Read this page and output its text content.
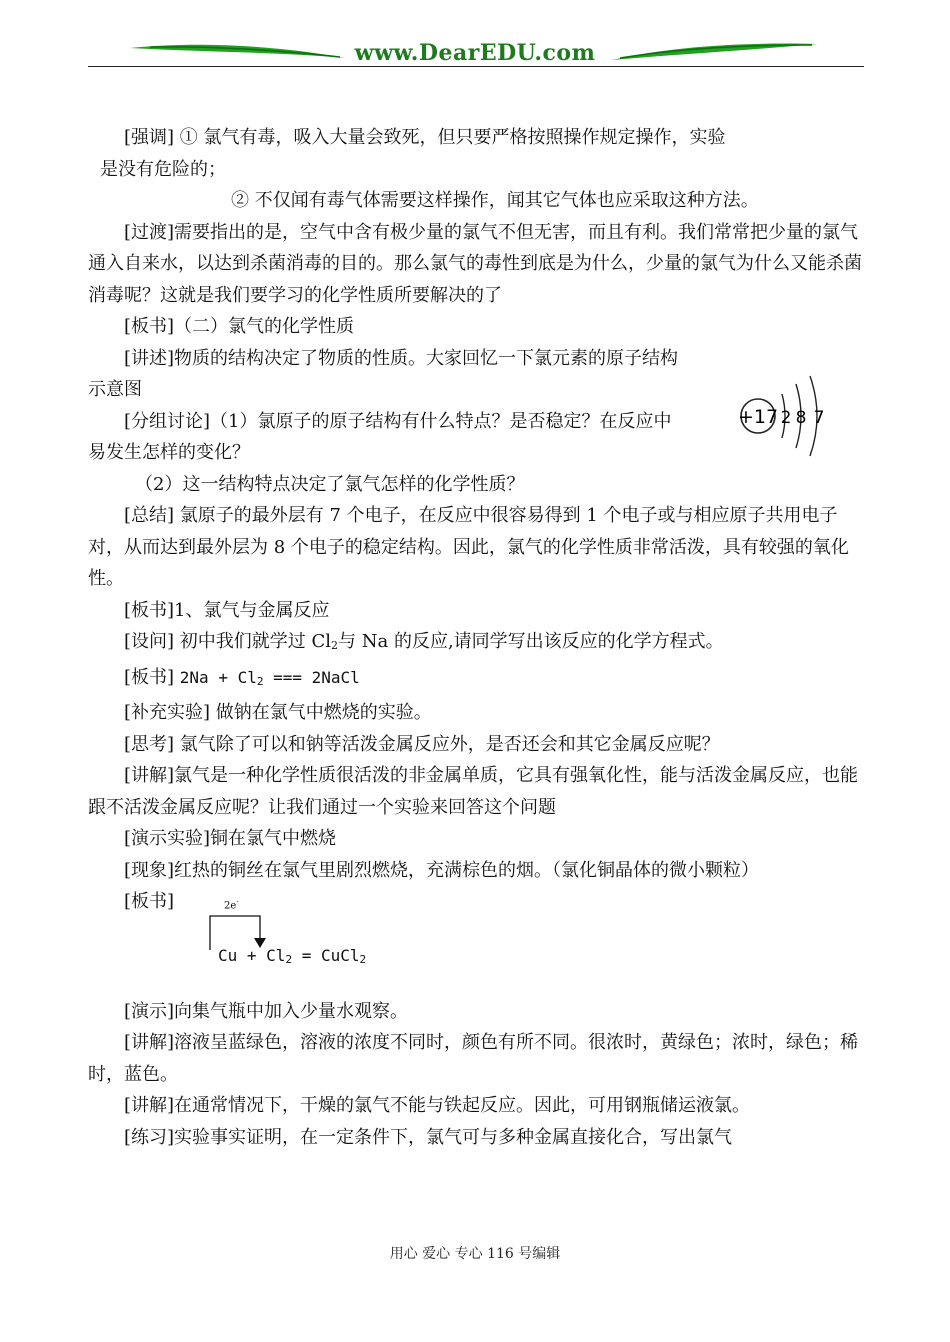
www.DearEDU.com
+17 2 8 7

[强调] ① 氯气有毒，吸入大量会致死，但只要严格按照操作规定操作，实验

是没有危险的；

② 不仅闻有毒气体需要这样操作，闻其它气体也应采取这种方法。

[过渡]需要指出的是，空气中含有极少量的氯气不但无害，而且有利。我们常常把少量的氯气通入自来水，以达到杀菌消毒的目的。那么氯气的毒性到底是为什么，少量的氯气为什么又能杀菌消毒呢？这就是我们要学习的化学性质所要解决的了

[板书]（二）氯气的化学性质

[讲述]物质的结构决定了物质的性质。大家回忆一下氯元素的原子结构示意图

[分组讨论]（1）氯原子的原子结构有什么特点？是否稳定？在反应中易发生怎样的变化？

（2）这一结构特点决定了氯气怎样的化学性质？

[总结] 氯原子的最外层有 7 个电子，在反应中很容易得到 1 个电子或与相应原子共用电子对，从而达到最外层为 8 个电子的稳定结构。因此，氯气的化学性质非常活泼，具有较强的氧化性。

[板书]1、氯气与金属反应

[设问] 初中我们就学过 $Cl_2$与 Na 的反应,请同学写出该反应的化学方程式。

[板书] $2Na + Cl_2$ === 2NaCl

[补充实验] 做钠在氯气中燃烧的实验。

[思考] 氯气除了可以和钠等活泼金属反应外，是否还会和其它金属反应呢？

[讲解]氯气是一种化学性质很活泼的非金属单质，它具有强氧化性，能与活泼金属反应，也能跟不活泼金属反应呢？让我们通过一个实验来回答这个问题

[演示实验]铜在氯气中燃烧

[现象]红热的铜丝在氯气里剧烈燃烧，充满棕色的烟。（氯化铜晶体的微小颗粒）

[板书]	2e-
$Cu + Cl_2$ = CuCl$_2$

[演示]向集气瓶中加入少量水观察。

[讲解]溶液呈蓝绿色，溶液的浓度不同时，颜色有所不同。很浓时，黄绿色；浓时，绿色；稀时，蓝色。

[讲解]在通常情况下，干燥的氯气不能与铁起反应。因此，可用钢瓶储运液氯。

[练习]实验事实证明，在一定条件下，氯气可与多种金属直接化合，写出氯气

用心 爱心 专心 116 号编辑
